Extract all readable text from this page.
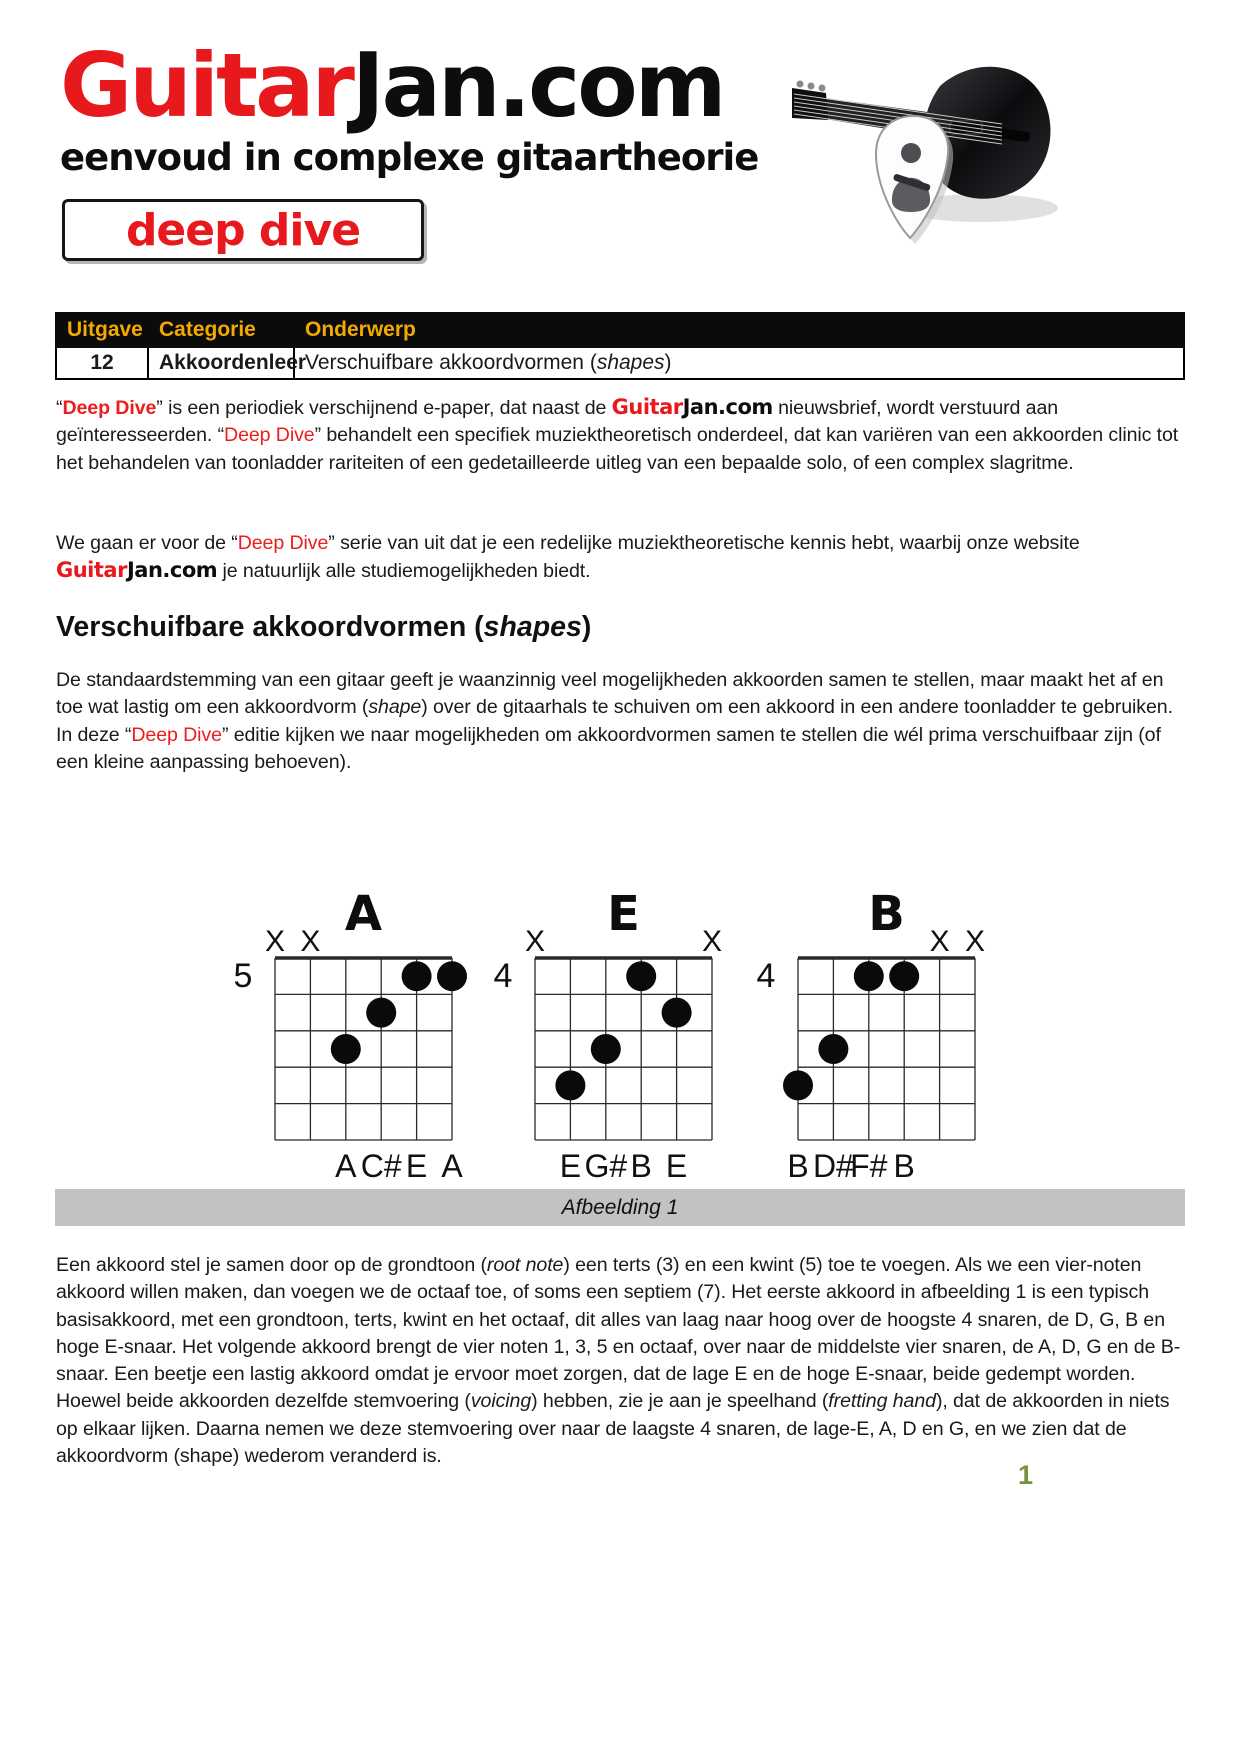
GuitarJan.com
eenvoud in complexe gitaartheorie
deep dive
Uitgave	Categorie	Onderwerp
12	Akkoordenleer	Verschuifbare akkoordvormen (shapes)

“Deep Dive” is een periodiek verschijnend e-paper, dat naast de GuitarJan.com nieuwsbrief, wordt verstuurd aan geïnteresseerden. “Deep Dive” behandelt een specifiek muziektheoretisch onderdeel, dat kan variëren van een akkoorden clinic tot het behandelen van toonladder rariteiten of een gedetailleerde uitleg van een bepaalde solo, of een complex slagritme.

We gaan er voor de “Deep Dive” serie van uit dat je een redelijke muziektheoretische kennis hebt, waarbij onze website GuitarJan.com je natuurlijk alle studiemogelijkheden biedt.

Verschuifbare akkoordvormen (shapes)

De standaardstemming van een gitaar geeft je waanzinnig veel mogelijkheden akkoorden samen te stellen, maar maakt het af en toe wat lastig om een akkoordvorm (shape) over de gitaarhals te schuiven om een akkoord in een andere toonladder te gebruiken. In deze “Deep Dive” editie kijken we naar mogelijkheden om akkoordvormen samen te stellen die wél prima verschuifbaar zijn (of een kleine aanpassing behoeven).

A
X X
5
A C# E A
E
X	X
4
E G# B E
B X X
4
B D#
F# B
Afbeelding 1

Een akkoord stel je samen door op de grondtoon (root note) een terts (3) en een kwint (5) toe te voegen. Als we een vier-noten akkoord willen maken, dan voegen we de octaaf toe, of soms een septiem (7). Het eerste akkoord in afbeelding 1 is een typisch basisakkoord, met een grondtoon, terts, kwint en het octaaf, dit alles van laag naar hoog over de hoogste 4 snaren, de D, G, B en hoge E-snaar. Het volgende akkoord brengt de vier noten 1, 3, 5 en octaaf, over naar de middelste vier snaren, de A, D, G en de B-snaar. Een beetje een lastig akkoord omdat je ervoor moet zorgen, dat de lage E en de hoge E-snaar, beide gedempt worden. Hoewel beide akkoorden dezelfde stemvoering (voicing) hebben, zie je aan je speelhand (fretting hand), dat de akkoorden in niets op elkaar lijken. Daarna nemen we deze stemvoering over naar de laagste 4 snaren, de lage-E, A, D en G, en we zien dat de akkoordvorm (shape) wederom veranderd is.

1
